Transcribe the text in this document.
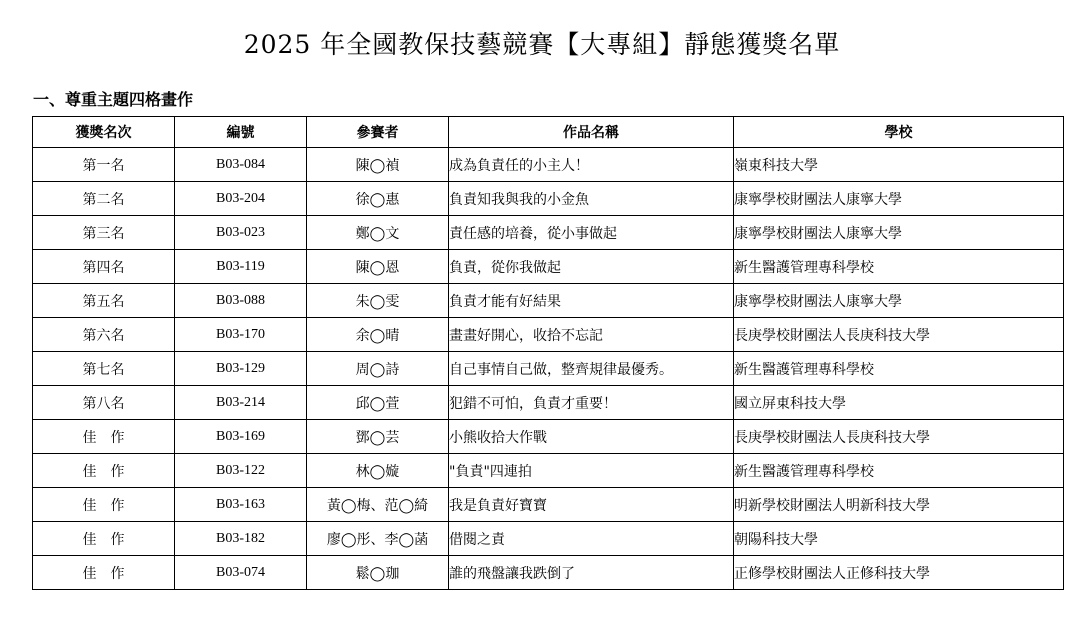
2025 年全國教保技藝競賽【大專組】靜態獲獎名單
一、尊重主題四格畫作
獲獎名次	編號	參賽者	作品名稱	學校
第一名	B03-084	陳◯禎	成為負責任的小主人！	嶺東科技大學
第二名	B03-204	徐◯惠	負責知我與我的小金魚	康寧學校財團法人康寧大學
第三名	B03-023	鄭◯文	責任感的培養，從小事做起	康寧學校財團法人康寧大學
第四名	B03-119	陳◯恩	負責，從你我做起	新生醫護管理專科學校
第五名	B03-088	朱◯雯	負責才能有好結果	康寧學校財團法人康寧大學
第六名	B03-170	余◯晴	畫畫好開心，收拾不忘記	長庚學校財團法人長庚科技大學
第七名	B03-129	周◯詩	自己事情自己做，整齊規律最優秀。	新生醫護管理專科學校
第八名	B03-214	邱◯萱	犯錯不可怕，負責才重要！	國立屏東科技大學
佳　作	B03-169	鄧◯芸	小熊收拾大作戰	長庚學校財團法人長庚科技大學
佳　作	B03-122	林◯嫙	"負責"四連拍	新生醫護管理專科學校
佳　作	B03-163	黃◯梅、范◯綺	我是負責好寶寶	明新學校財團法人明新科技大學
佳　作	B03-182	廖◯彤、李◯菡	借閱之責	朝陽科技大學
佳　作	B03-074	鬆◯珈	誰的飛盤讓我跌倒了	正修學校財團法人正修科技大學
